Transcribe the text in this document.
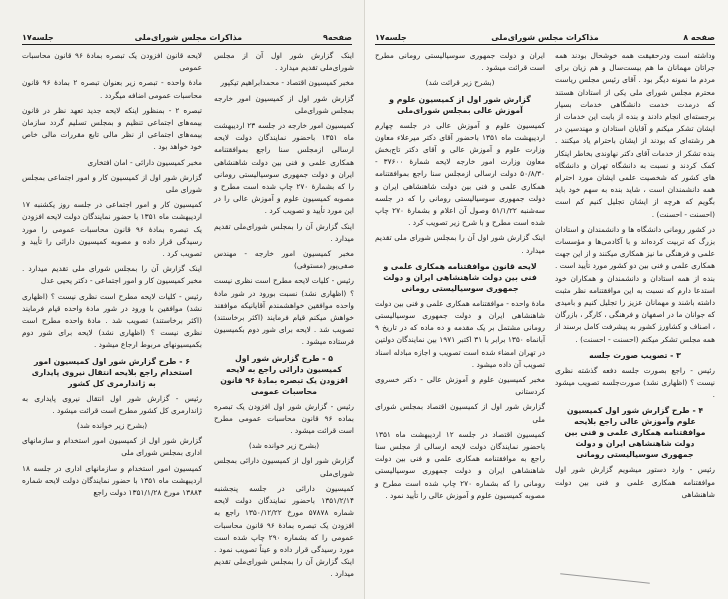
صفحه۹
مذاکرات مجلس شورای‌ملی
جلسه۱۷

اینک گزارش شور اول آن از مجلس شورای‌ملی تقدیم میدارد .

مخبر کمیسیون اقتصاد - محمدابراهیم تیکپور

گزارش شور اول از کمیسیون امور خارجه بمجلس شورای‌ملی

کمیسیون امور خارجه در جلسه ۲۳ اردیبهشت ماه ۱۳۵۱ باحضور نمایندگان دولت لایحه ارسالی ازمجلس سنا راجع بموافقتنامه همکاری علمی و فنی بین دولت شاهنشاهی ایران و دولت جمهوری سوسیالیستی رومانی را که بشمارهٔ ۲۷۰ چاپ شده است مطرح و مصوبه کمیسیون علوم و آموزش عالی را در این مورد تأیید و تصویب کرد .

اینک گزارش آن را بمجلس شورای‌ملی تقدیم میدارد .

مخبر کمیسیون امور خارجه - مهندس صفی‌پور (مستوفی)

رئیس - کلیات لایحه مطرح است نظری نیست ؟ (اظهاری نشد) نسبت بورود در شور مادهٔ واحده موافقین خواهشمندم آقایانیکه موافقند خواهش میکنم قیام فرمایند (اکثر برخاستند) تصویب شد . لایحه برای شور دوم بکمیسیون فرستاده میشود .

۵ - طرح گزارش شور اول کمیسیون دارائی راجع به لایحه افزودن یک تبصره بمادهٔ ۹۶ قانون محاسبات عمومی

رئیس - گزارش شور اول افزودن یک تبصره بماده ۹۶ قانون محاسبات عمومی مطرح است قرائت میشود .

(بشرح زیر خوانده شد)

گزارش شور اول از کمیسیون دارائی بمجلس شورای‌ملی

کمیسیون دارائی در جلسه پنجشنبه ۱۳۵۱/۲/۱۴ باحضور نمایندگان دولت لایحه شماره ۵۷۸۷۸ مورخ ۱۳۵۰/۱۲/۲۲ راجع به افزودن یک تبصره بمادهٔ ۹۶ قانون محاسبات عمومی را که بشماره ۲۹۰ چاپ شده است مورد رسیدگی قرار داده و عیناً تصویب نمود . اینک گزارش آن را بمجلس شورای‌ملی تقدیم میدارد .

لایحه قانون افزودن یک تبصره بمادهٔ ۹۶ قانون محاسبات عمومی

مادهٔ واحده - تبصره زیر بعنوان تبصره ۲ بمادهٔ ۹۶ قانون محاسبات عمومی اضافه میگردد .

تبصره ۲ - بمنظور اینکه لایحه جدید تعهد نظر در قانون بیمه‌های اجتماعی تنظیم و بمجلس تسلیم گردد سازمان بیمه‌های اجتماعی از نظر مالی تابع مقررات مالی خاص خود خواهد بود .

مخبر کمیسیون دارائی - امان افتخاری

گزارش شور اول از کمیسیون کار و امور اجتماعی بمجلس شورای ملی

کمیسیون کار و امور اجتماعی در جلسه روز یکشنبه ۱۷ اردیبهشت ماه ۱۳۵۱ با حضور نمایندگان دولت لایحه افزودن یک تبصره بمادهٔ ۹۶ قانون محاسبات عمومی را مورد رسیدگی قرار داده و مصوبه کمیسیون دارائی را تأیید و تصویب کرد .

اینک گزارش آن را بمجلس شورای ملی تقدیم میدارد . مخبر کمیسیون کار و امور اجتماعی - دکتر یحیی عدل

رئیس - کلیات لایحه مطرح است نظری نیست ؟ (اظهاری نشد) موافقین با ورود در شور مادهٔ واحده قیام فرمایند (اکثر برخاستند) تصویب شد . مادهٔ واحده مطرح است نظری نیست ؟ (اظهاری نشد) لایحه برای شور دوم بکمیسیونهای مربوط ارجاع میشود .

۶ - طرح گزارش شور اول کمیسیون امور استخدام راجع بلایحه انتقال نیروی پایداری به ژاندارمری کل کشور

رئیس - گزارش شور اول انتقال نیروی پایداری به ژاندارمری کل کشور مطرح است قرائت میشود .

(بشرح زیر خوانده شد)

گزارش شور اول از کمیسیون امور استخدام و سازمانهای اداری بمجلس شورای ملی

کمیسیون امور استخدام و سازمانهای اداری در جلسه ۱۸ اردیبهشت ماه ۱۳۵۱ با حضور نمایندگان دولت لایحه شماره ۱۳۸۸۴ مورخ ۱۳۵۱/۱/۲۸ دولت راجع

صفحه ۸
مذاکرات مجلس شورای‌ملی
جلسه۱۷

وداشته است ودرحقیقت همه خوشحال بودند همه جراتان مهمانان ما هم بیست‌سال و هم زیان برای مردم ما نمونه دیگر بود . آقای رئیس مجلس ریاست محترم مجلس شورای ملی یکی از استادان هستند که درمدت خدمت دانشگاهی خدمات بسیار برجسته‌ای انجام دادند و بنده از بابت این خدمات از ایشان تشکر میکنم و آقایان استادان و مهندسین در هر رشته‌ای که بودند از ایشان باحترام یاد میکنند . بنده تشکر از خدمات آقای دکتر نهاوندی بخاطر اینکار کمک کردند و نسبت به دانشگاه تهران و دانشگاه های کشور که شخصیت علمی ایشان مورد احترام همه دانشمندان است ، شاید بنده به سهم خود باید بگویم که هرچه از ایشان تجلیل کنیم کم است (احسنت - احسنت) .

در کشور رومانی دانشگاه ها و دانشمندان و استادان بزرگ که تربیت کرده‌اند و با آکادمی‌ها و مؤسسات علمی و فرهنگی ما نیز همکاری میکنند و از این جهت همکاری علمی و فنی بین دو کشور مورد تأیید است . بنده از همه استادان و دانشمندان و همکاران خود استدعا دارم که نسبت به این موافقتنامه نظر مثبت داشته باشند و مهمانان عزیز را تجلیل کنیم و بامیدی که جوانان ما در اصفهان و فرهنگی ، کارگر ، بازرگان ، اصناف و کشاورز کشور به پیشرفت کامل برسند از همه مجلس تشکر میکنم (احسنت - احسنت) .

۳ - تصویب صورت جلسه

رئیس - راجع بصورت جلسه دفعه گذشته نظری نیست ؟ (اظهاری نشد) صورت‌جلسه تصویب میشود .

۴ - طرح گزارش شور اول کمیسیون علوم وآموزش عالی راجع بلایحه موافقتنامه همکاری علمی و فنی بین دولت شاهنشاهی ایران و دولت جمهوری سوسیالیستی رومانی

رئیس - وارد دستور میشویم گزارش شور اول موافقتنامه همکاری علمی و فنی بین دولت شاهنشاهی

ایران و دولت جمهوری سوسیالیستی رومانی مطرح است قرائت میشود .

(بشرح زیر قرائت شد)

گزارش شور اول از کمیسیون علوم و آموزش عالی بمجلس شورای‌ملی

کمیسیون علوم و آموزش عالی در جلسه چهارم اردیبهشت ماه ۱۳۵۱ باحضور آقای دکتر میرعلاء معاون وزارت علوم و آموزش عالی و آقای دکتر تاج‌بخش معاون وزارت امور خارجه لایحه شمارهٔ ۳۷۶۰۰ - ۵۰/۸/۳۰ دولت ارسالی ازمجلس سنا راجع بموافقتنامه همکاری علمی و فنی بین دولت شاهنشاهی ایران و دولت جمهوری سوسیالیستی رومانی را که در جلسه سه‌شنبه ۵۱/۱/۲۲ وصول آن اعلام و بشمارهٔ ۲۷۰ چاپ شده است مطرح و با شرح زیر تصویب کرد .

اینک گزارش شور اول آن را بمجلس شورای ملی تقدیم میدارد .

لایحه قانون موافقتنامه همکاری علمی و فنی بین دولت شاهنشاهی ایران و دولت جمهوری سوسیالیستی رومانی

مادهٔ واحده - موافقتنامه همکاری علمی و فنی بین دولت شاهنشاهی ایران و دولت جمهوری سوسیالیستی رومانی مشتمل بر یک مقدمه و ده ماده که در تاریخ ۹ آبانماه ۱۳۵۰ برابر با ۳۱ اکتبر ۱۹۷۱ بین نمایندگان دولتین در تهران امضاء شده است تصویب و اجازه مبادله اسناد تصویب آن داده میشود .

مخبر کمیسیون علوم و آموزش عالی - دکتر خسروی کردستانی

گزارش شور اول از کمیسیون اقتصاد بمجلس شورای ملی

کمیسیون اقتصاد در جلسه ۱۲ اردیبهشت ماه ۱۳۵۱ باحضور نمایندگان دولت لایحه ارسالی از مجلس سنا راجع به موافقتنامه همکاری علمی و فنی بین دولت شاهنشاهی ایران و دولت جمهوری سوسیالیستی رومانی را که بشماره ۲۷۰ چاپ شده است مطرح و مصوبه کمیسیون علوم و آموزش عالی را تأیید نمود .
